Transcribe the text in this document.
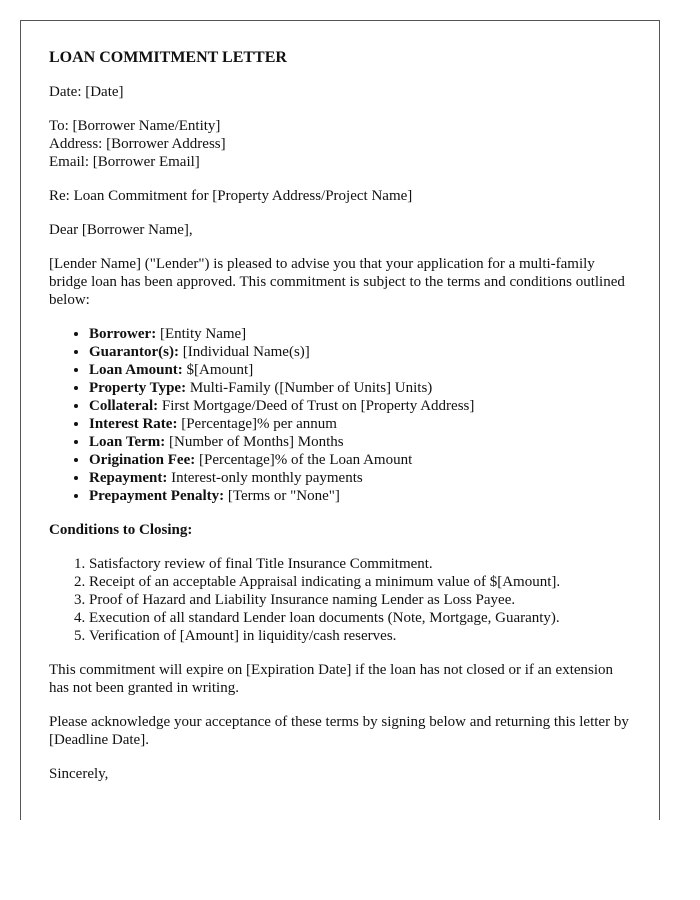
LOAN COMMITMENT LETTER

Date: [Date]

To: [Borrower Name/Entity]

Address: [Borrower Address]

Email: [Borrower Email]

Re: Loan Commitment for [Property Address/Project Name]

Dear [Borrower Name],

[Lender Name] ("Lender") is pleased to advise you that your application for a multi-family bridge loan has been approved. This commitment is subject to the terms and conditions outlined below:

• Borrower: [Entity Name]
• Guarantor(s): [Individual Name(s)]
• Loan Amount: $[Amount]
• Property Type: Multi-Family ([Number of Units] Units)
• Collateral: First Mortgage/Deed of Trust on [Property Address]
• Interest Rate: [Percentage]% per annum
• Loan Term: [Number of Months] Months
• Origination Fee: [Percentage]% of the Loan Amount
• Repayment: Interest-only monthly payments
• Prepayment Penalty: [Terms or "None"]

Conditions to Closing:

1. Satisfactory review of final Title Insurance Commitment.
2. Receipt of an acceptable Appraisal indicating a minimum value of $[Amount].
3. Proof of Hazard and Liability Insurance naming Lender as Loss Payee.
4. Execution of all standard Lender loan documents (Note, Mortgage, Guaranty).
5. Verification of [Amount] in liquidity/cash reserves.

This commitment will expire on [Expiration Date] if the loan has not closed or if an extension has not been granted in writing.

Please acknowledge your acceptance of these terms by signing below and returning this letter by [Deadline Date].

Sincerely,
